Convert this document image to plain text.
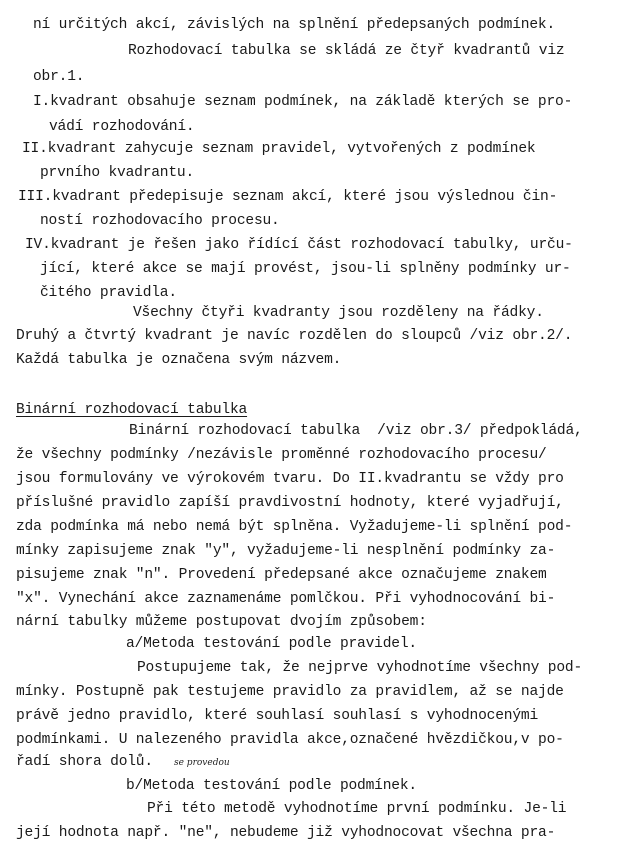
ní určitých akcí, závislých na splnění předepsaných podmínek.
Rozhodovací tabulka se skládá ze čtyř kvadrantů viz
obr.1.
I.kvadrant obsahuje seznam podmínek, na základě kterých se pro-
vádí rozhodování.
II.kvadrant zahycuje seznam pravidel, vytvořených z podmínek
prvního kvadrantu.
III.kvadrant předepisuje seznam akcí, které jsou výslednou čin-
ností rozhodovacího procesu.
IV.kvadrant je řešen jako řídící část rozhodovací tabulky, urču-
jící, které akce se mají provést, jsou-li splněny podmínky ur-
čitého pravidla.
Všechny čtyři kvadranty jsou rozděleny na řádky.
Druhý a čtvrtý kvadrant je navíc rozdělen do sloupců /viz obr.2/.
Každá tabulka je označena svým názvem.
Binární rozhodovací tabulka
Binární rozhodovací tabulka  /viz obr.3/ předpokládá,
že všechny podmínky /nezávisle proměnné rozhodovacího procesu/
jsou formulovány ve výrokovém tvaru. Do II.kvadrantu se vždy pro
příslušné pravidlo zapíší pravdivostní hodnoty, které vyjadřují,
zda podmínka má nebo nemá být splněna. Vyžadujeme-li splnění pod-
mínky zapisujeme znak "y", vyžadujeme-li nesplnění podmínky za-
pisujeme znak "n". Provedení předepsané akce označujeme znakem
"x". Vynechání akce zaznamenáme pomlčkou. Při vyhodnocování bi-
nární tabulky můžeme postupovat dvojím způsobem:
a/Metoda testování podle pravidel.
Postupujeme tak, že nejprve vyhodnotíme všechny pod-
mínky. Postupně pak testujeme pravidlo za pravidlem, až se najde
právě jedno pravidlo, které souhlasí souhlasí s vyhodnocenými
podmínkami. U nalezeného pravidla akce,označené hvězdičkou,v po-
řadí shora dolů. se provedou
b/Metoda testování podle podmínek.
Při této metodě vyhodnotíme první podmínku. Je-li
její hodnota např. "ne", nebudeme již vyhodnocovat všechna pra-
